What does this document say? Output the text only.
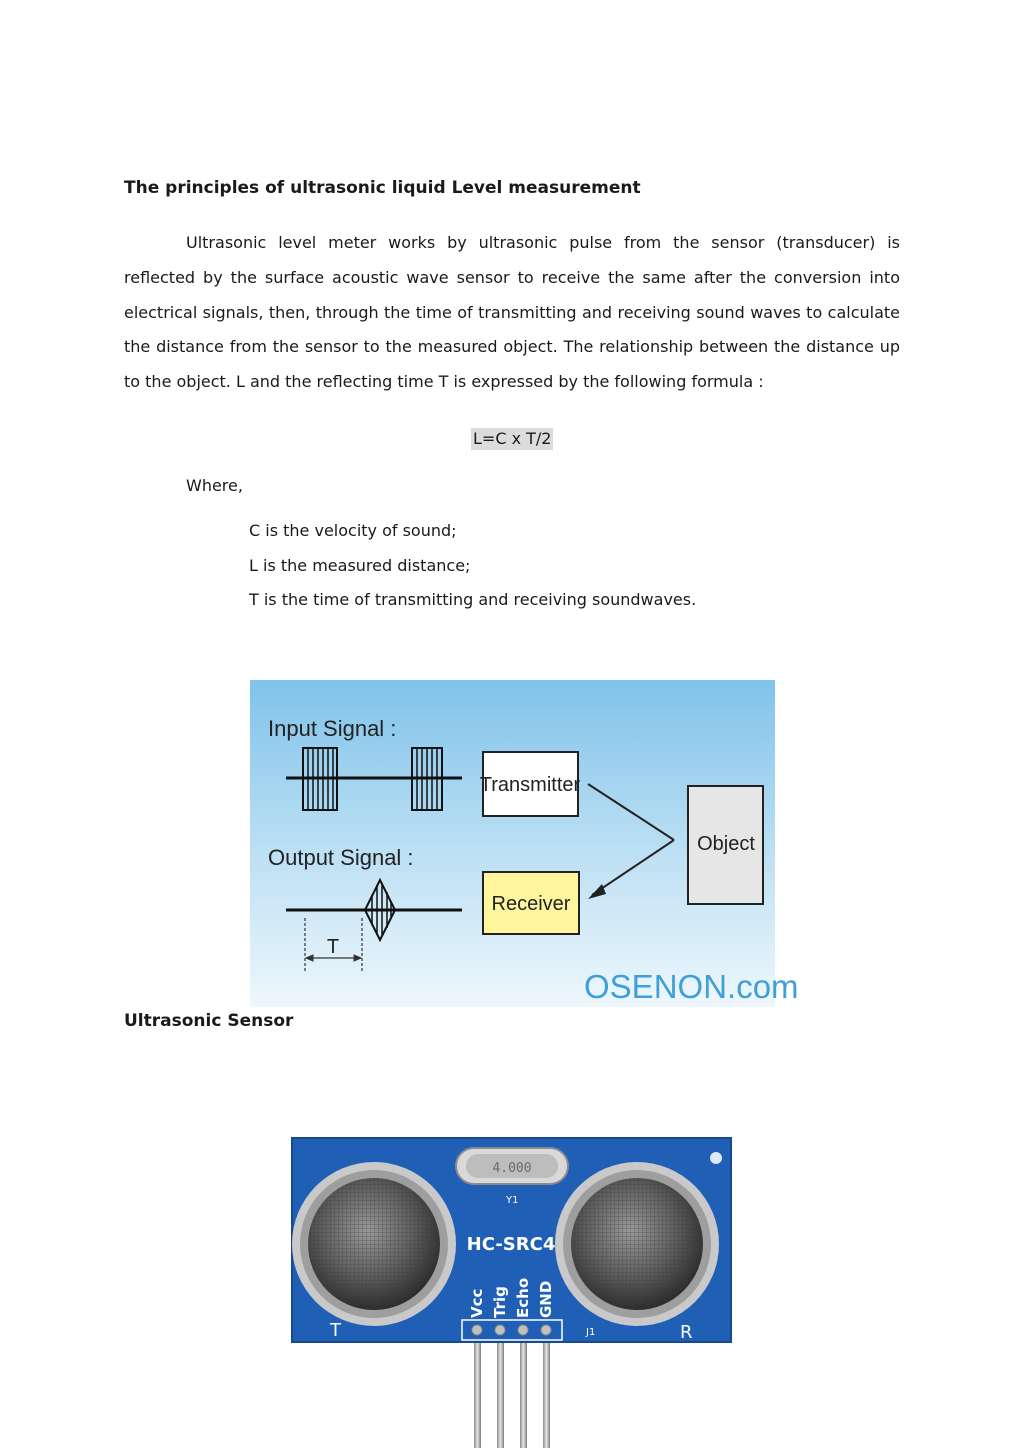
The principles of ultrasonic liquid Level measurement

Ultrasonic level meter works by ultrasonic pulse from the sensor (transducer) is reflected by the surface acoustic wave sensor to receive the same after the conversion into electrical signals, then, through the time of transmitting and receiving sound waves to calculate the distance from the sensor to the measured object. The relationship between the distance up to the object. L and the reflecting time T is expressed by the following formula :

L=C x T/2
Where,
C is the velocity of sound;
L is the measured distance;
T is the time of transmitting and receiving soundwaves.
Input Signal :
Transmitter
Object
Output Signal :
Receiver
T
OSENON.com
Ultrasonic Sensor
4.000
Y1
HC-SRC4
Vcc Trig Echo GND
J1
T	R
